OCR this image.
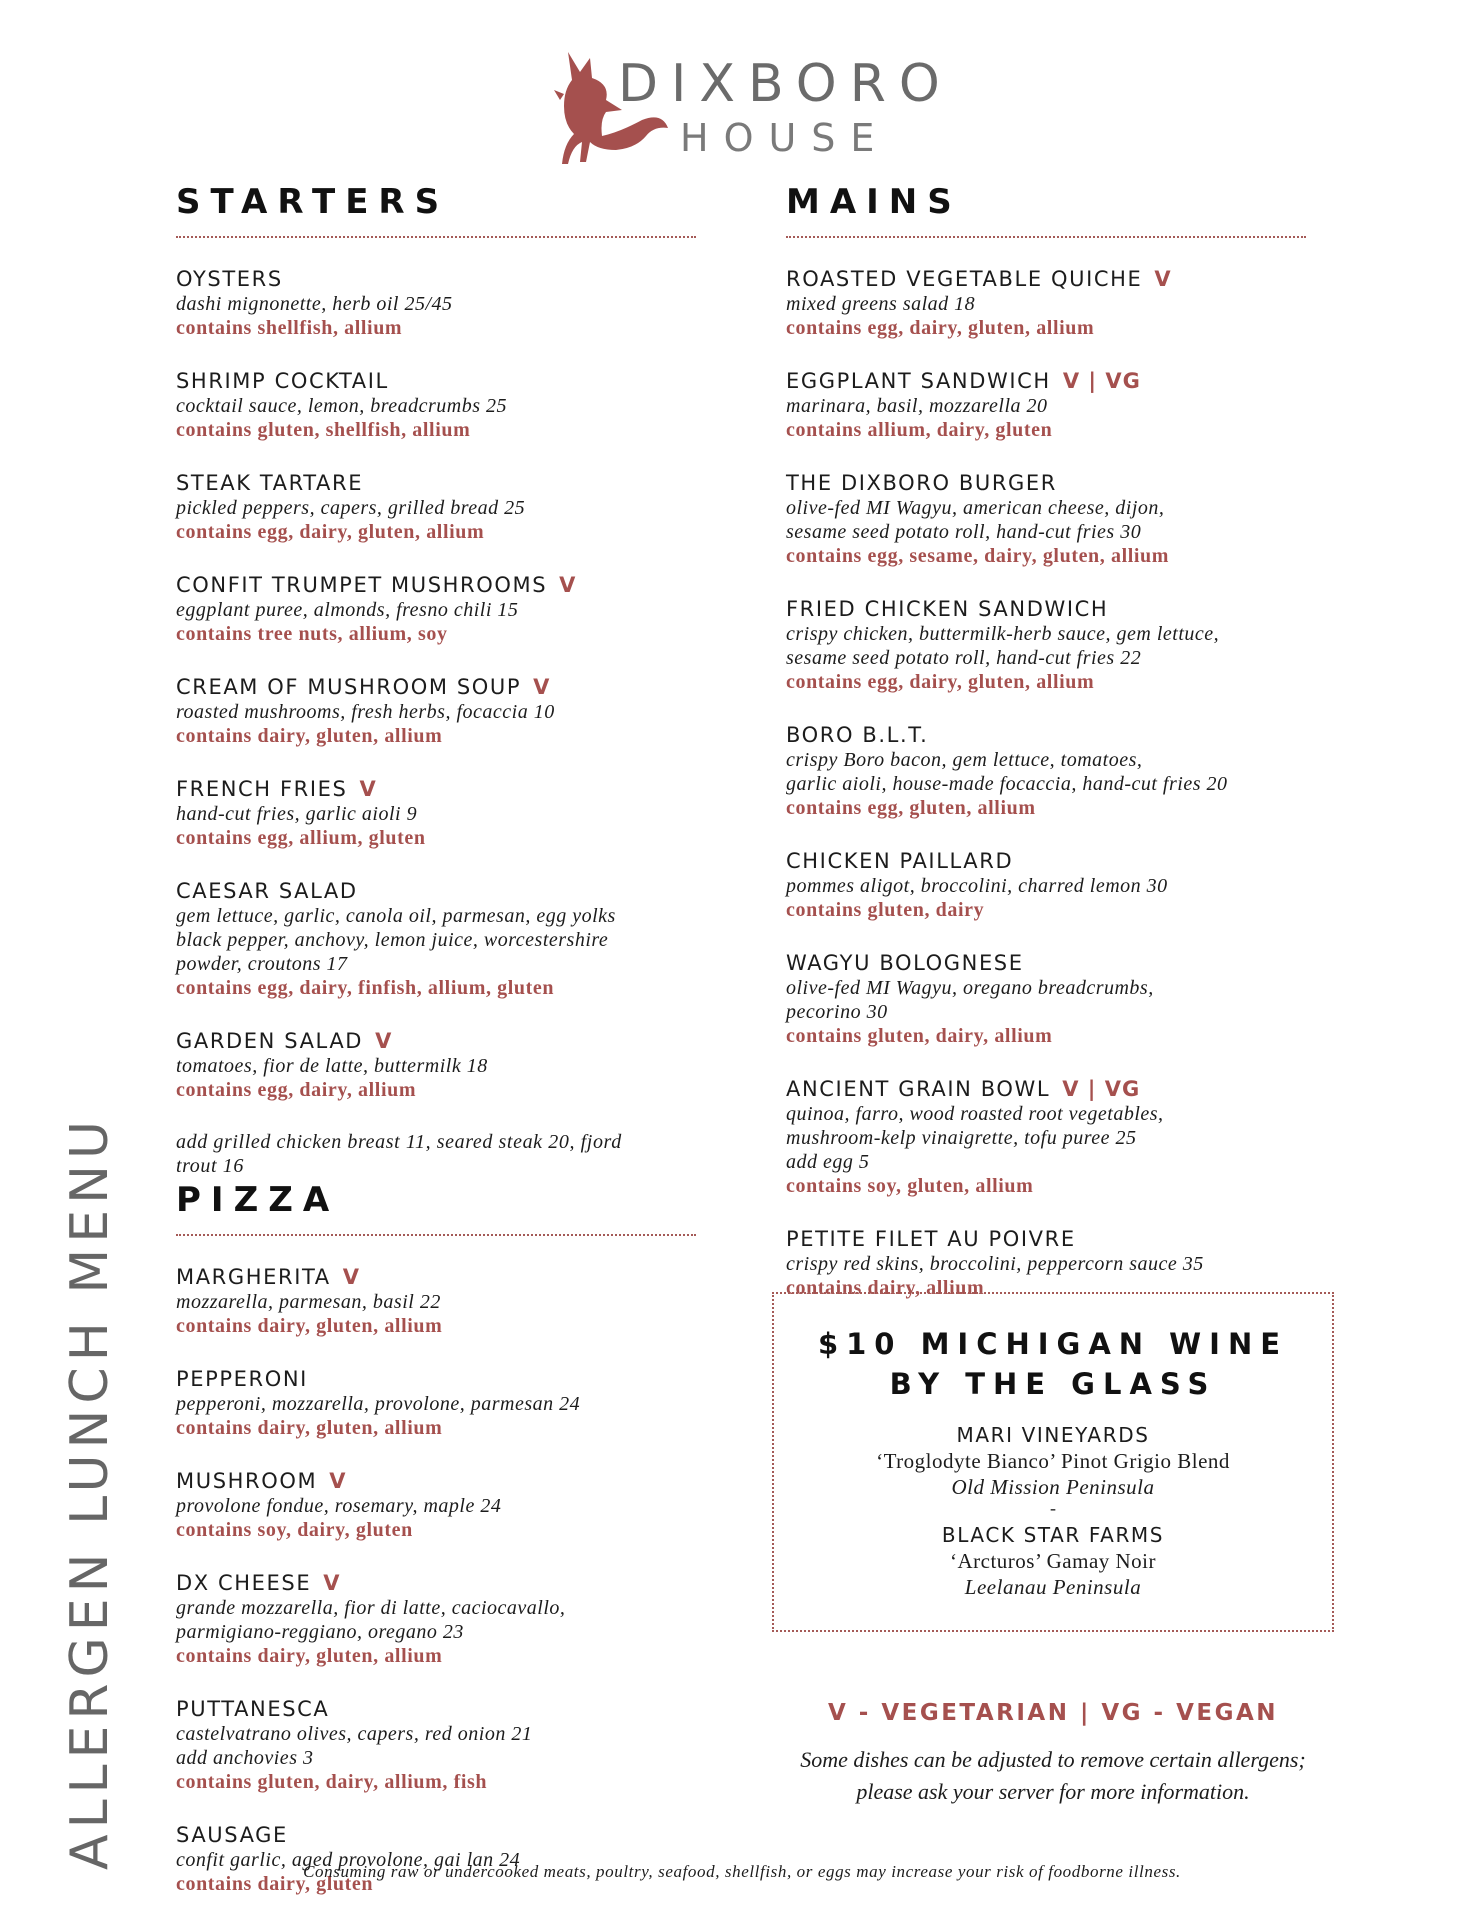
DIXBORO
HOUSE
ALLERGEN LUNCH MENU
STARTERS
OYSTERS
dashi mignonette, herb oil 25/45
contains shellfish, allium
SHRIMP COCKTAIL
cocktail sauce, lemon, breadcrumbs 25
contains gluten, shellfish, allium
STEAK TARTARE
pickled peppers, capers, grilled bread 25
contains egg, dairy, gluten, allium
CONFIT TRUMPET MUSHROOMS V
eggplant puree, almonds, fresno chili 15
contains tree nuts, allium, soy
CREAM OF MUSHROOM SOUP V
roasted mushrooms, fresh herbs, focaccia 10
contains dairy, gluten, allium
FRENCH FRIES V
hand-cut fries, garlic aioli 9
contains egg, allium, gluten
CAESAR SALAD
gem lettuce, garlic, canola oil, parmesan, egg yolks
black pepper, anchovy, lemon juice, worcestershire
powder, croutons 17
contains egg, dairy, finfish, allium, gluten
GARDEN SALAD V
tomatoes, fior de latte, buttermilk 18
contains egg, dairy, allium
add grilled chicken breast 11, seared steak 20, fjord
trout 16
PIZZA
MARGHERITA V
mozzarella, parmesan, basil 22
contains dairy, gluten, allium
PEPPERONI
pepperoni, mozzarella, provolone, parmesan 24
contains dairy, gluten, allium
MUSHROOM V
provolone fondue, rosemary, maple 24
contains soy, dairy, gluten
DX CHEESE V
grande mozzarella, fior di latte, caciocavallo,
parmigiano-reggiano, oregano 23
contains dairy, gluten, allium
PUTTANESCA
castelvatrano olives, capers, red onion 21
add anchovies 3
contains gluten, dairy, allium, fish
SAUSAGE
confit garlic, aged provolone, gai lan 24
contains dairy, gluten
MAINS
ROASTED VEGETABLE QUICHE V
mixed greens salad 18
contains egg, dairy, gluten, allium
EGGPLANT SANDWICH V | VG
marinara, basil, mozzarella 20
contains allium, dairy, gluten
THE DIXBORO BURGER
olive-fed MI Wagyu, american cheese, dijon,
sesame seed potato roll, hand-cut fries 30
contains egg, sesame, dairy, gluten, allium
FRIED CHICKEN SANDWICH
crispy chicken, buttermilk-herb sauce, gem lettuce,
sesame seed potato roll, hand-cut fries 22
contains egg, dairy, gluten, allium
BORO B.L.T.
crispy Boro bacon, gem lettuce, tomatoes,
garlic aioli, house-made focaccia, hand-cut fries 20
contains egg, gluten, allium
CHICKEN PAILLARD
pommes aligot, broccolini, charred lemon 30
contains gluten, dairy
WAGYU BOLOGNESE
olive-fed MI Wagyu, oregano breadcrumbs,
pecorino 30
contains gluten, dairy, allium
ANCIENT GRAIN BOWL V | VG
quinoa, farro, wood roasted root vegetables,
mushroom-kelp vinaigrette, tofu puree 25
add egg 5
contains soy, gluten, allium
PETITE FILET AU POIVRE
crispy red skins, broccolini, peppercorn sauce 35
contains dairy, allium
$10 MICHIGAN WINE
BY THE GLASS
MARI VINEYARDS
‘Troglodyte Bianco’ Pinot Grigio Blend
Old Mission Peninsula
-
BLACK STAR FARMS
‘Arcturos’ Gamay Noir
Leelanau Peninsula
V - VEGETARIAN | VG - VEGAN
Some dishes can be adjusted to remove certain allergens;
please ask your server for more information.
Consuming raw or undercooked meats, poultry, seafood, shellfish, or eggs may increase your risk of foodborne illness.
